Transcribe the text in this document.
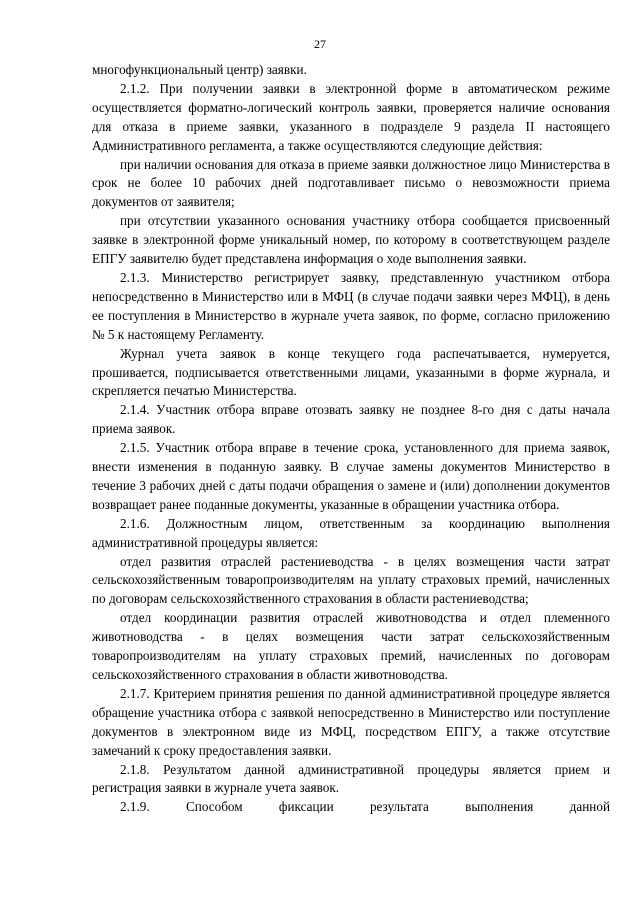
27

многофункциональный центр) заявки.

2.1.2. При получении заявки в электронной форме в автоматическом режиме осуществляется форматно-логический контроль заявки, проверяется наличие основания для отказа в приеме заявки, указанного в подразделе 9 раздела II настоящего Административного регламента, а также осуществляются следующие действия:

при наличии основания для отказа в приеме заявки должностное лицо Министерства в срок не более 10 рабочих дней подготавливает письмо о невозможности приема документов от заявителя;

при отсутствии указанного основания участнику отбора сообщается присвоенный заявке в электронной форме уникальный номер, по которому в соответствующем разделе ЕПГУ заявителю будет представлена информация о ходе выполнения заявки.

2.1.3. Министерство регистрирует заявку, представленную участником отбора непосредственно в Министерство или в МФЦ (в случае подачи заявки через МФЦ), в день ее поступления в Министерство в журнале учета заявок, по форме, согласно приложению № 5 к настоящему Регламенту.

Журнал учета заявок в конце текущего года распечатывается, нумеруется, прошивается, подписывается ответственными лицами, указанными в форме журнала, и скрепляется печатью Министерства.

2.1.4. Участник отбора вправе отозвать заявку не позднее 8-го дня с даты начала приема заявок.

2.1.5. Участник отбора вправе в течение срока, установленного для приема заявок, внести изменения в поданную заявку. В случае замены документов Министерство в течение 3 рабочих дней с даты подачи обращения о замене и (или) дополнении документов возвращает ранее поданные документы, указанные в обращении участника отбора.

2.1.6. Должностным лицом, ответственным за координацию выполнения административной процедуры является:

отдел развития отраслей растениеводства - в целях возмещения части затрат сельскохозяйственным товаропроизводителям на уплату страховых премий, начисленных по договорам сельскохозяйственного страхования в области растениеводства;

отдел координации развития отраслей животноводства и отдел племенного животноводства - в целях возмещения части затрат сельскохозяйственным товаропроизводителям на уплату страховых премий, начисленных по договорам сельскохозяйственного страхования в области животноводства.

2.1.7. Критерием принятия решения по данной административной процедуре является обращение участника отбора с заявкой непосредственно в Министерство или поступление документов в электронном виде из МФЦ, посредством ЕПГУ, а также отсутствие замечаний к сроку предоставления заявки.

2.1.8. Результатом данной административной процедуры является прием и регистрация заявки в журнале учета заявок.

2.1.9. Способом фиксации результата выполнения данной
